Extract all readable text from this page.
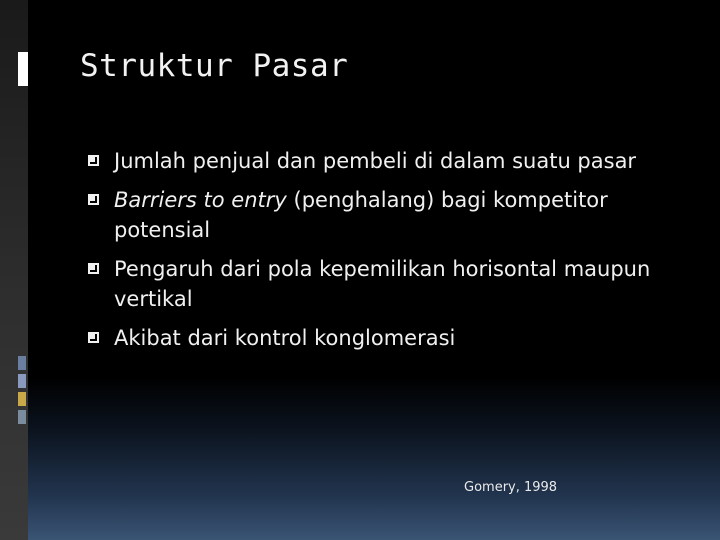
Struktur Pasar
Jumlah penjual dan pembeli di dalam suatu pasar
Barriers to entry (penghalang) bagi kompetitor potensial
Pengaruh dari pola kepemilikan horisontal maupun vertikal
Akibat dari kontrol konglomerasi
Gomery, 1998
